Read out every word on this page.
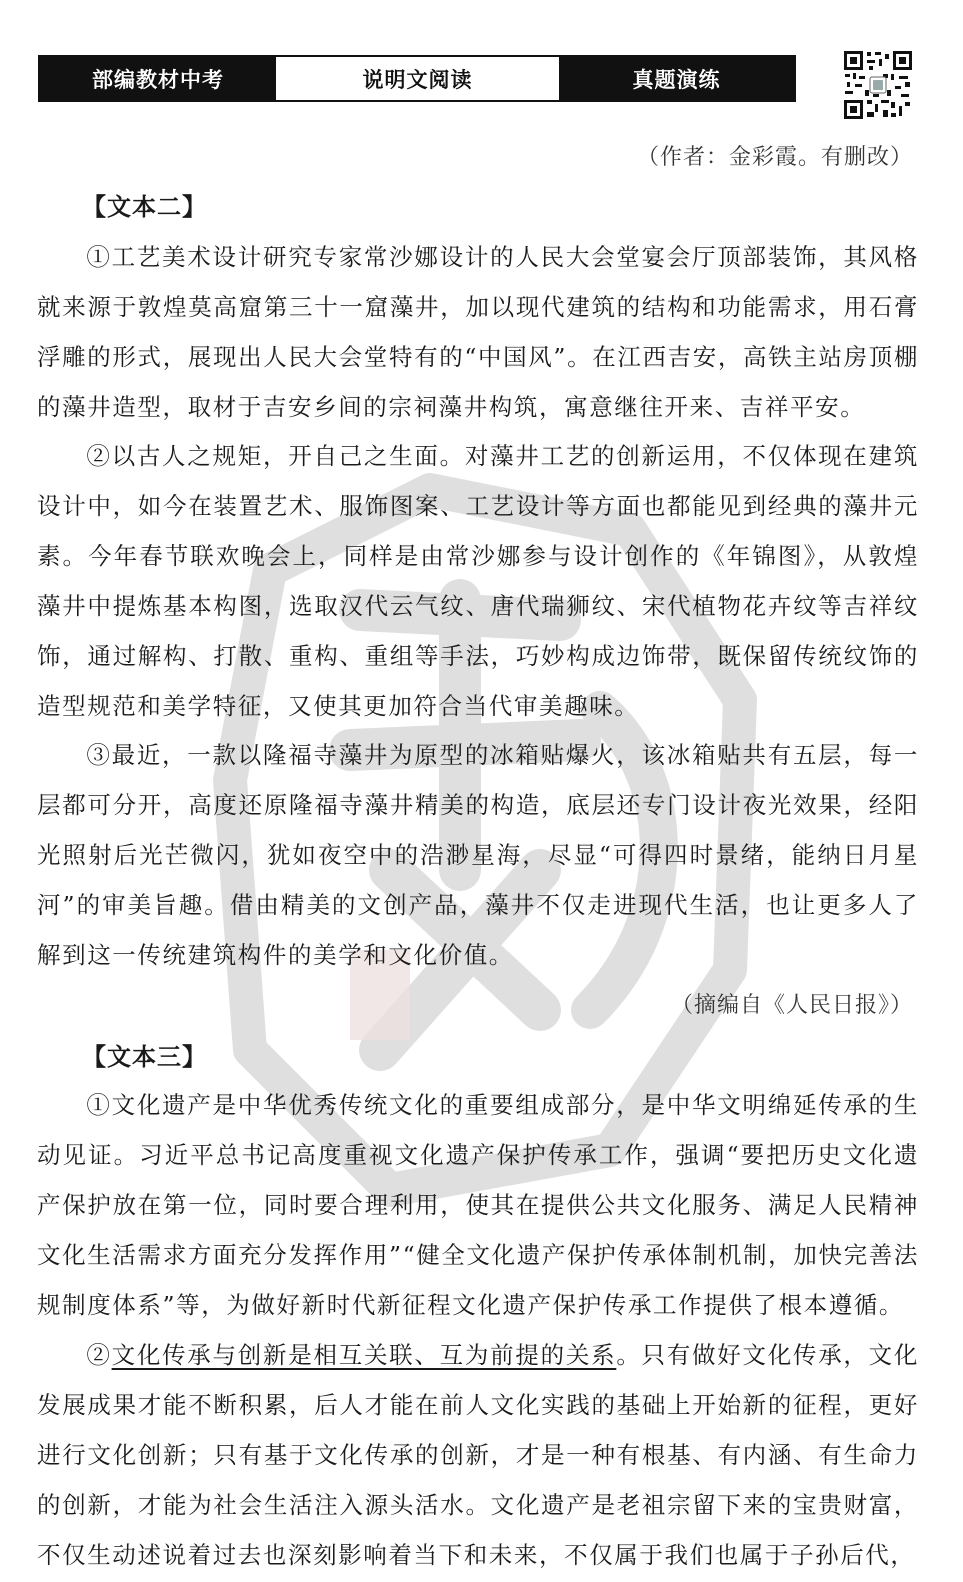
部编教材中考	说明文阅读	真题演练
（作者：金彩霞。有删改）
【文本二】
①工艺美术设计研究专家常沙娜设计的人民大会堂宴会厅顶部装饰，其风格就来源于敦煌莫高窟第三十一窟藻井，加以现代建筑的结构和功能需求，用石膏浮雕的形式，展现出人民大会堂特有的“中国风”。在江西吉安，高铁主站房顶棚的藻井造型，取材于吉安乡间的宗祠藻井构筑，寓意继往开来、吉祥平安。
②以古人之规矩，开自己之生面。对藻井工艺的创新运用，不仅体现在建筑设计中，如今在装置艺术、服饰图案、工艺设计等方面也都能见到经典的藻井元素。今年春节联欢晚会上，同样是由常沙娜参与设计创作的《年锦图》，从敦煌藻井中提炼基本构图，选取汉代云气纹、唐代瑞狮纹、宋代植物花卉纹等吉祥纹饰，通过解构、打散、重构、重组等手法，巧妙构成边饰带，既保留传统纹饰的造型规范和美学特征，又使其更加符合当代审美趣味。
③最近，一款以隆福寺藻井为原型的冰箱贴爆火，该冰箱贴共有五层，每一层都可分开，高度还原隆福寺藻井精美的构造，底层还专门设计夜光效果，经阳光照射后光芒微闪，犹如夜空中的浩渺星海，尽显“可得四时景绪，能纳日月星河”的审美旨趣。借由精美的文创产品，藻井不仅走进现代生活，也让更多人了解到这一传统建筑构件的美学和文化价值。
（摘编自《人民日报》）
【文本三】
①文化遗产是中华优秀传统文化的重要组成部分，是中华文明绵延传承的生动见证。习近平总书记高度重视文化遗产保护传承工作，强调“要把历史文化遗产保护放在第一位，同时要合理利用，使其在提供公共文化服务、满足人民精神文化生活需求方面充分发挥作用”“健全文化遗产保护传承体制机制，加快完善法规制度体系”等，为做好新时代新征程文化遗产保护传承工作提供了根本遵循。
②文化传承与创新是相互关联、互为前提的关系。只有做好文化传承，文化发展成果才能不断积累，后人才能在前人文化实践的基础上开始新的征程，更好进行文化创新；只有基于文化传承的创新，才是一种有根基、有内涵、有生命力的创新，才能为社会生活注入源头活水。文化遗产是老祖宗留下来的宝贵财富，不仅生动述说着过去也深刻影响着当下和未来，不仅属于我们也属于子孙后代，
